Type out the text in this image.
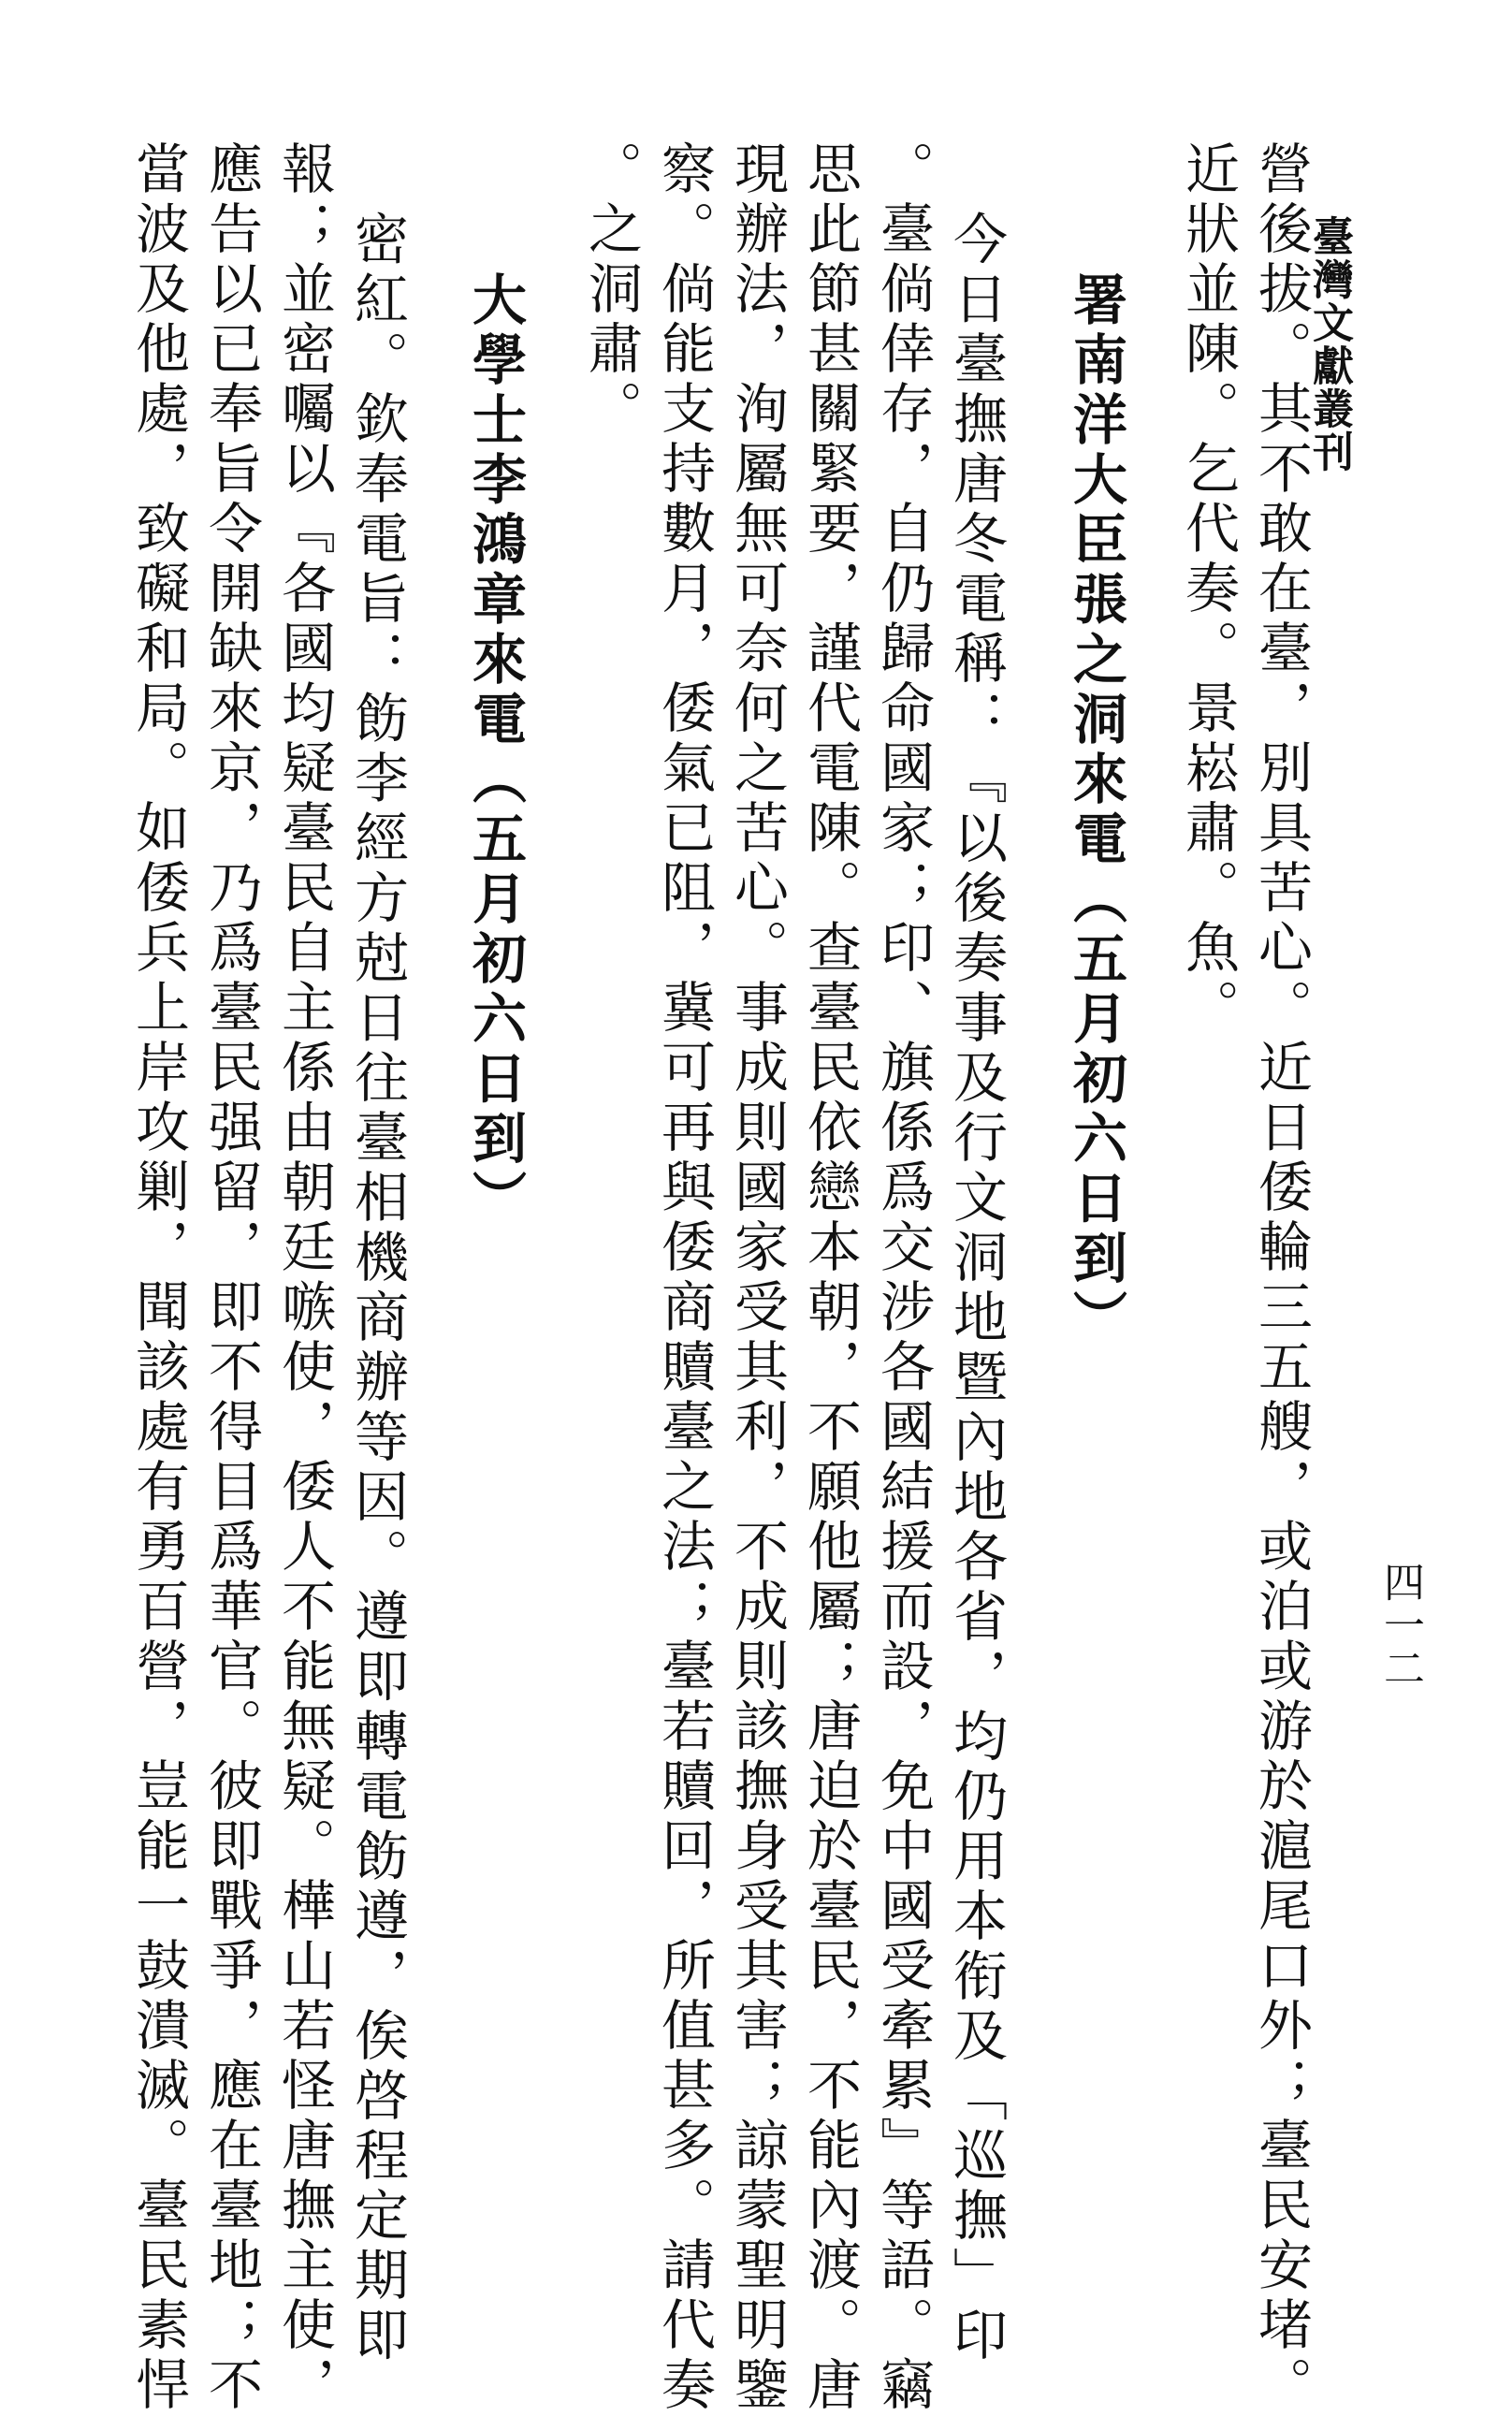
臺灣文獻叢刊
四一二
營後拔。其不敢在臺，別具苦心。近日倭輪三五艘，或泊或游於滬尾口外；臺民安堵。
近狀並陳。乞代奏。景崧肅。魚。
署南洋大臣張之洞來電（五月初六日到）
今日臺撫唐冬電稱：『以後奏事及行文洞地暨內地各省，均仍用本衔及「巡撫」印
。臺倘倖存，自仍歸命國家；印、旗係爲交涉各國結援而設，免中國受牽累』等語。竊
思此節甚關緊要，謹代電陳。查臺民依戀本朝，不願他屬；唐迫於臺民，不能內渡。唐
現辦法，洵屬無可奈何之苦心。事成則國家受其利，不成則該撫身受其害；諒蒙聖明鑒
察。倘能支持數月，倭氣已阻，冀可再與倭商贖臺之法；臺若贖回，所值甚多。請代奏
。之洞肅。
大學士李鴻章來電（五月初六日到）
密紅。欽奉電旨：飭李經方尅日往臺相機商辦等因。遵即轉電飭遵，俟啓程定期即
報；並密囑以『各國均疑臺民自主係由朝廷嗾使，倭人不能無疑。樺山若怪唐撫主使，
應告以已奉旨令開缺來京，乃爲臺民强留，即不得目爲華官。彼即戰爭，應在臺地；不
當波及他處，致礙和局。如倭兵上岸攻剿，聞該處有勇百營，豈能一鼓潰滅。臺民素悍
